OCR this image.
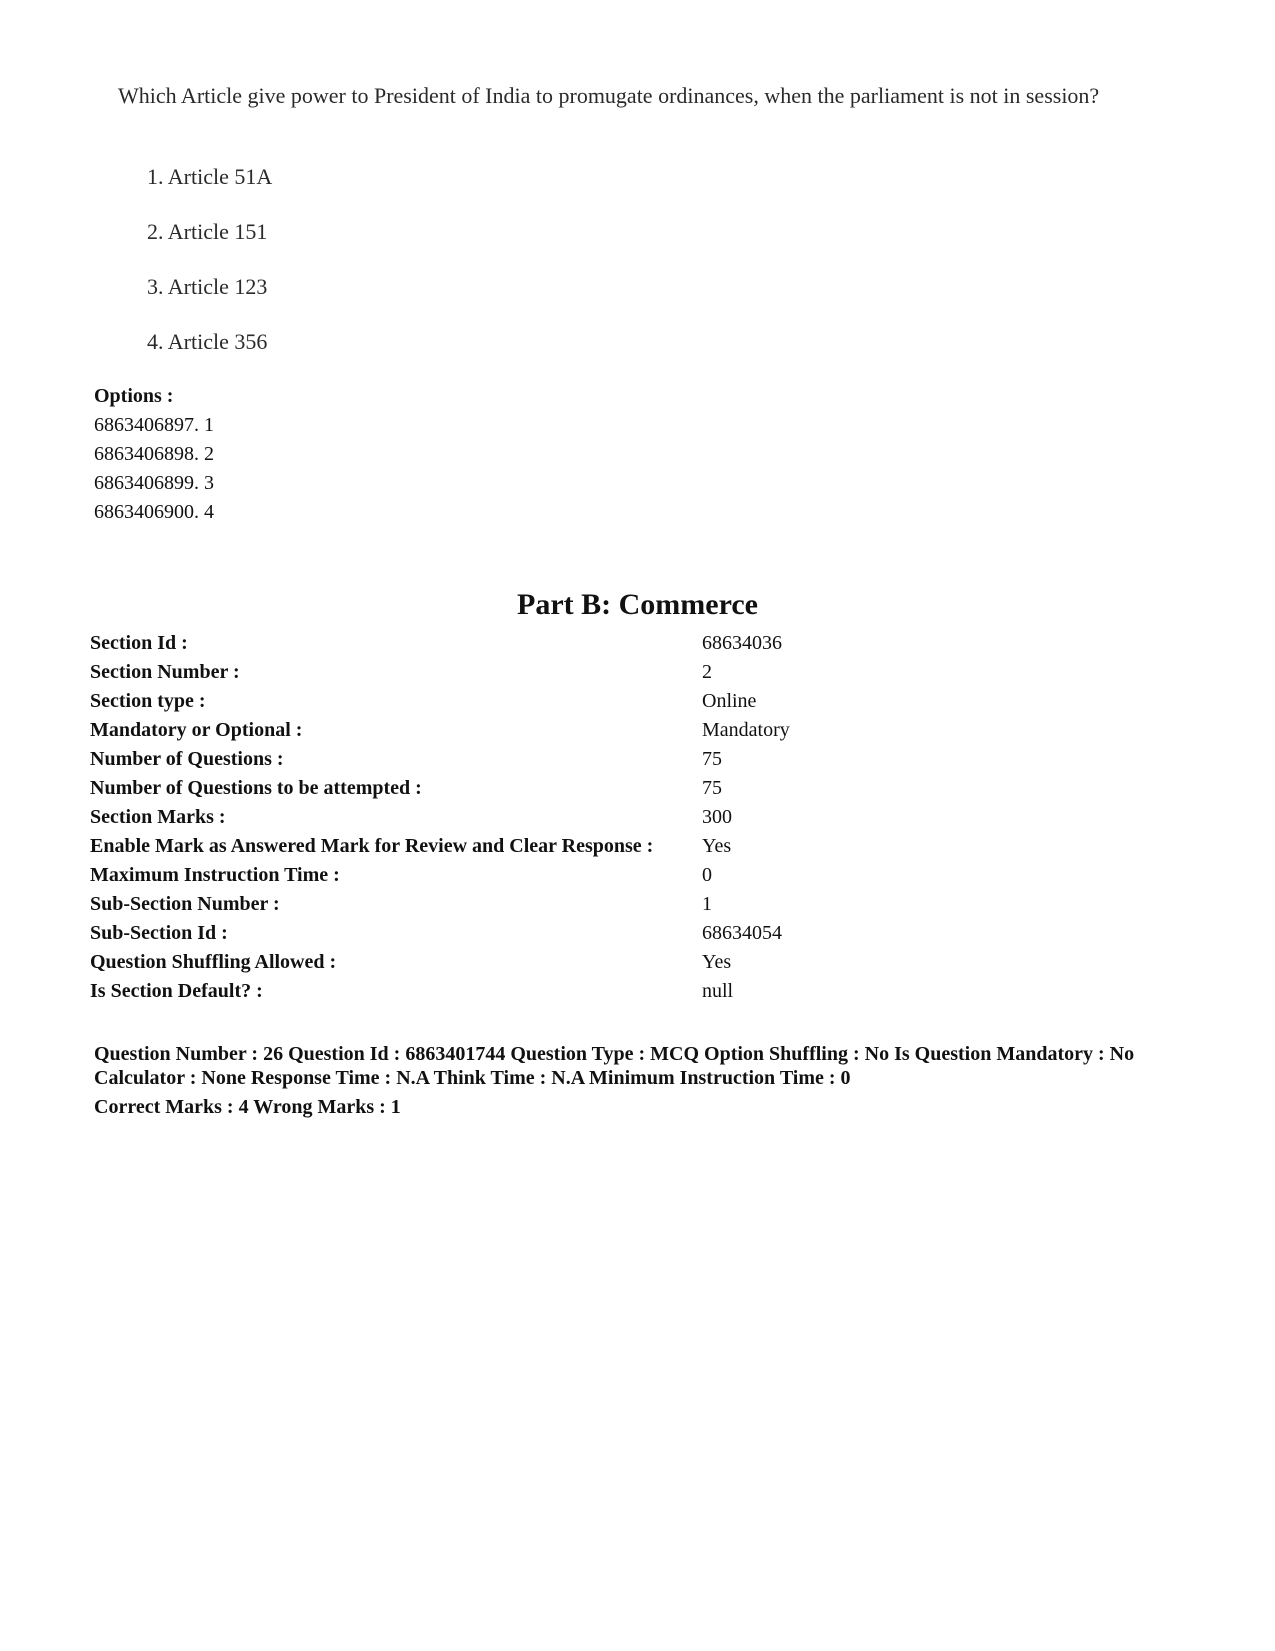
Which Article give power to President of India to promugate ordinances, when the parliament is not in session?
1. Article 51A
2. Article 151
3. Article 123
4. Article 356
Options :
6863406897. 1
6863406898. 2
6863406899. 3
6863406900. 4
Part B: Commerce
Section Id :	68634036
Section Number :	2
Section type :	Online
Mandatory or Optional :	Mandatory
Number of Questions :	75
Number of Questions to be attempted :	75
Section Marks :	300
Enable Mark as Answered Mark for Review and Clear Response :	Yes
Maximum Instruction Time :	0
Sub-Section Number :	1
Sub-Section Id :	68634054
Question Shuffling Allowed :	Yes
Is Section Default? :	null
Question Number : 26 Question Id : 6863401744 Question Type : MCQ Option Shuffling : No Is Question Mandatory : No Calculator : None Response Time : N.A Think Time : N.A Minimum Instruction Time : 0
Correct Marks : 4 Wrong Marks : 1
